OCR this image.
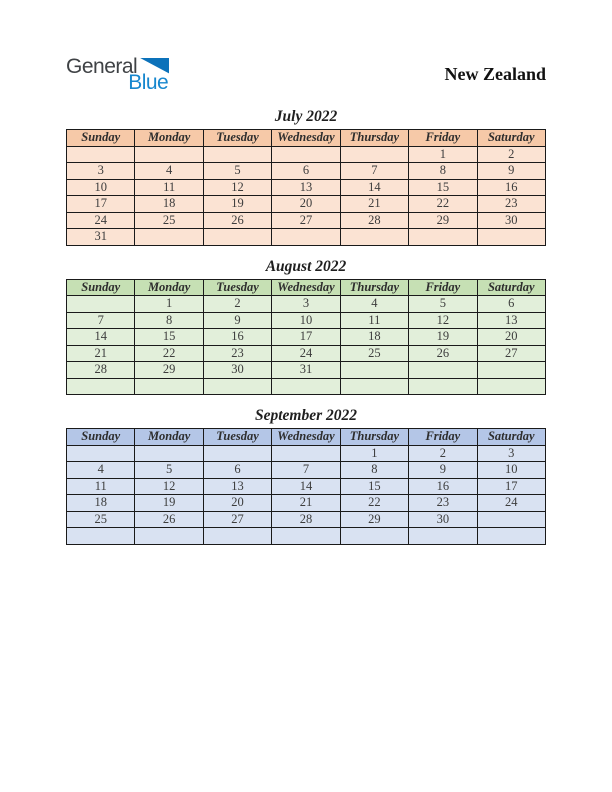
General
Blue	New Zealand
July 2022
Sunday	Monday	Tuesday	Wednesday	Thursday	Friday	Saturday
					1	2
3	4	5	6	7	8	9
10	11	12	13	14	15	16
17	18	19	20	21	22	23
24	25	26	27	28	29	30
31						
August 2022
Sunday	Monday	Tuesday	Wednesday	Thursday	Friday	Saturday
	1	2	3	4	5	6
7	8	9	10	11	12	13
14	15	16	17	18	19	20
21	22	23	24	25	26	27
28	29	30	31			

September 2022
Sunday	Monday	Tuesday	Wednesday	Thursday	Friday	Saturday
				1	2	3
4	5	6	7	8	9	10
11	12	13	14	15	16	17
18	19	20	21	22	23	24
25	26	27	28	29	30	
